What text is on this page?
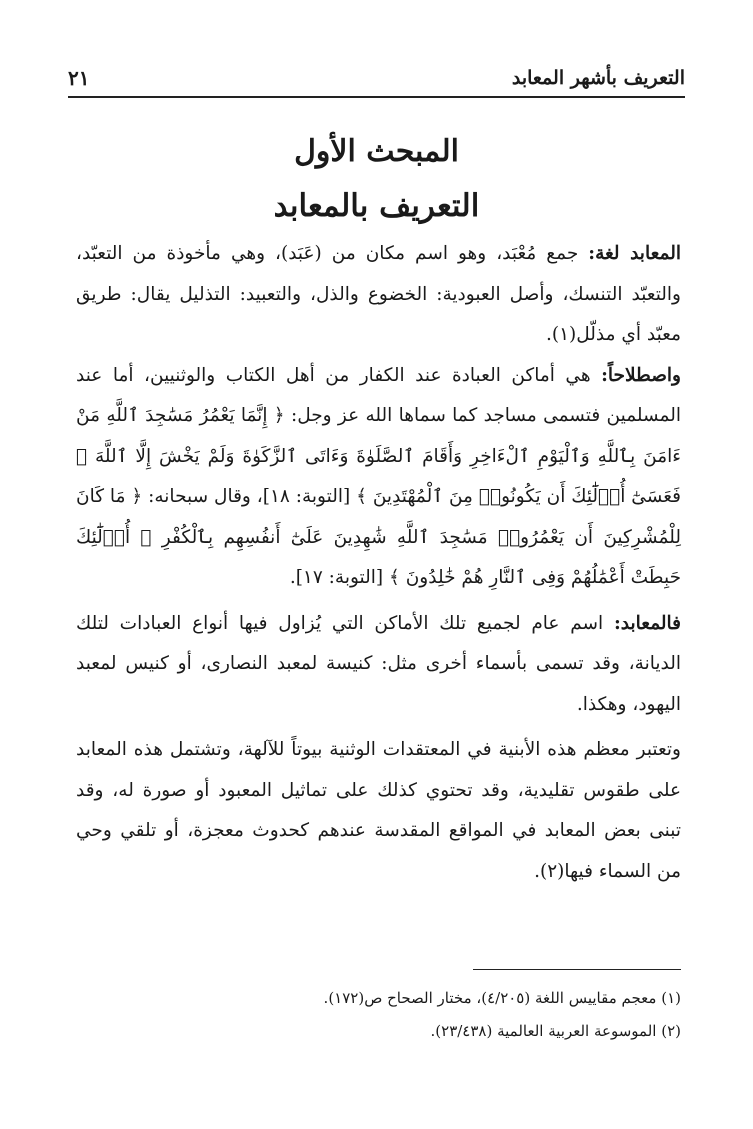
التعريف بأشهر المعابد
٢١
المبحث الأول
التعريف بالمعابد

المعابد لغة: جمع مُعْبَد، وهو اسم مكان من (عَبَد)، وهي مأخوذة من التعبّد، والتعبّد التنسك، وأصل العبودية: الخضوع والذل، والتعبيد: التذليل يقال: طريق معبّد أي مذلّل(١).

واصطلاحاً: هي أماكن العبادة عند الكفار من أهل الكتاب والوثنيين، أما عند المسلمين فتسمى مساجد كما سماها الله عز وجل: ﴿ إِنَّمَا يَعْمُرُ مَسَٰجِدَ ٱللَّهِ مَنْ ءَامَنَ بِٱللَّهِ وَٱلْيَوْمِ ٱلْءَاخِرِ وَأَقَامَ ٱلصَّلَوٰةَ وَءَاتَى ٱلزَّكَوٰةَ وَلَمْ يَخْشَ إِلَّا ٱللَّهَ ۖ فَعَسَىٰٓ أُو۟لَٰٓئِكَ أَن يَكُونُوا۟ مِنَ ٱلْمُهْتَدِينَ ﴾ [التوبة: ١٨]، وقال سبحانه: ﴿ مَا كَانَ لِلْمُشْرِكِينَ أَن يَعْمُرُوا۟ مَسَٰجِدَ ٱللَّهِ شَٰهِدِينَ عَلَىٰٓ أَنفُسِهِم بِٱلْكُفْرِ ۚ أُو۟لَٰٓئِكَ حَبِطَتْ أَعْمَٰلُهُمْ وَفِى ٱلنَّارِ هُمْ خَٰلِدُونَ ﴾ [التوبة: ١٧].

فالمعابد: اسم عام لجميع تلك الأماكن التي يُزاول فيها أنواع العبادات لتلك الديانة، وقد تسمى بأسماء أخرى مثل: كنيسة لمعبد النصارى، أو كنيس لمعبد اليهود، وهكذا.

وتعتبر معظم هذه الأبنية في المعتقدات الوثنية بيوتاً للآلهة، وتشتمل هذه المعابد على طقوس تقليدية، وقد تحتوي كذلك على تماثيل المعبود أو صورة له، وقد تبنى بعض المعابد في المواقع المقدسة عندهم كحدوث معجزة، أو تلقي وحي من السماء فيها(٢).

(١) معجم مقاييس اللغة (٤/٢٠٥)، مختار الصحاح ص(١٧٢).
(٢) الموسوعة العربية العالمية (٢٣/٤٣٨).
